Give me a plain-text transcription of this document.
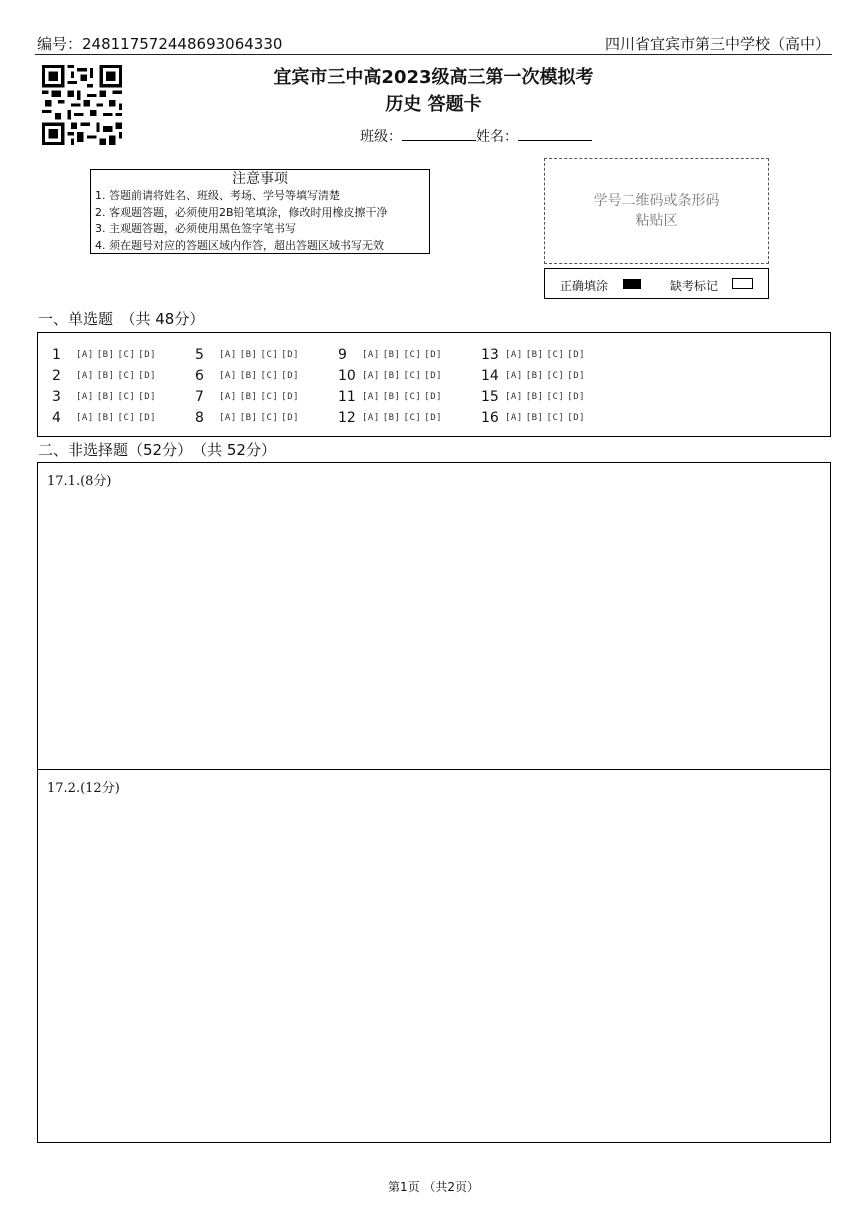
编号：248117572448693064330	四川省宜宾市第三中学校（高中）
宜宾市三中高2023级高三第一次模拟考
历史 答题卡
班级：	姓名：
注意事项
1. 答题前请将姓名、班级、考场、学号等填写清楚
2. 客观题答题，必须使用2B铅笔填涂，修改时用橡皮擦干净
3. 主观题答题，必须使用黑色签字笔书写
4. 须在题号对应的答题区域内作答，超出答题区域书写无效
学号二维码或条形码
粘贴区
正确填涂	缺考标记
一、单选题　（共 48分）
1 [A] [B] [C] [D]
2 [A] [B] [C] [D]
3 [A] [B] [C] [D]
4 [A] [B] [C] [D]
5 [A] [B] [C] [D]
6 [A] [B] [C] [D]
7 [A] [B] [C] [D]
8 [A] [B] [C] [D]
9 [A] [B] [C] [D]
10 [A] [B] [C] [D]
11 [A] [B] [C] [D]
12 [A] [B] [C] [D]
13 [A] [B] [C] [D]
14 [A] [B] [C] [D]
15 [A] [B] [C] [D]
16 [A] [B] [C] [D]
二、非选择题（52分）　（共 52分）
17.1.(8分)
17.2.(12分)
第1页 （共2页）
